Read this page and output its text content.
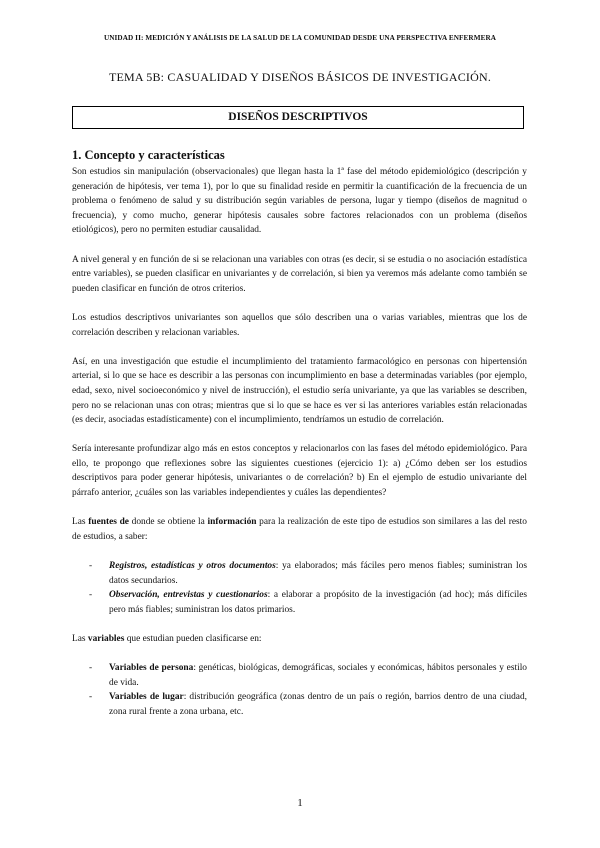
UNIDAD II: MEDICIÓN Y ANÁLISIS DE LA SALUD DE LA COMUNIDAD DESDE UNA PERSPECTIVA ENFERMERA
TEMA 5B: CASUALIDAD Y DISEÑOS BÁSICOS DE INVESTIGACIÓN.
DISEÑOS DESCRIPTIVOS
1. Concepto y características

Son estudios sin manipulación (observacionales) que llegan hasta la 1ª fase del método epidemiológico (descripción y generación de hipótesis, ver tema 1), por lo que su finalidad reside en permitir la cuantificación de la frecuencia de un problema o fenómeno de salud y su distribución según variables de persona, lugar y tiempo (diseños de magnitud o frecuencia), y como mucho, generar hipótesis causales sobre factores relacionados con un problema (diseños etiológicos), pero no permiten estudiar causalidad.

A nivel general y en función de si se relacionan una variables con otras (es decir, si se estudia o no asociación estadística entre variables), se pueden clasificar en univariantes y de correlación, si bien ya veremos más adelante como también se pueden clasificar en función de otros criterios.

Los estudios descriptivos univariantes son aquellos que sólo describen una o varias variables, mientras que los de correlación describen y relacionan variables.

Así, en una investigación que estudie el incumplimiento del tratamiento farmacológico en personas con hipertensión arterial, si lo que se hace es describir a las personas con incumplimiento en base a determinadas variables (por ejemplo, edad, sexo, nivel socioeconómico y nivel de instrucción), el estudio sería univariante, ya que las variables se describen, pero no se relacionan unas con otras; mientras que si lo que se hace es ver si las anteriores variables están relacionadas (es decir, asociadas estadísticamente) con el incumplimiento, tendríamos un estudio de correlación.

Sería interesante profundizar algo más en estos conceptos y relacionarlos con las fases del método epidemiológico. Para ello, te propongo que reflexiones sobre las siguientes cuestiones (ejercicio 1): a) ¿Cómo deben ser los estudios descriptivos para poder generar hipótesis, univariantes o de correlación? b) En el ejemplo de estudio univariante del párrafo anterior, ¿cuáles son las variables independientes y cuáles las dependientes?

Las fuentes de donde se obtiene la información para la realización de este tipo de estudios son similares a las del resto de estudios, a saber:

- Registros, estadísticas y otros documentos: ya elaborados; más fáciles pero menos fiables; suministran los datos secundarios.
- Observación, entrevistas y cuestionarios: a elaborar a propósito de la investigación (ad hoc); más difíciles pero más fiables; suministran los datos primarios.

Las variables que estudian pueden clasificarse en:

- Variables de persona: genéticas, biológicas, demográficas, sociales y económicas, hábitos personales y estilo de vida.
- Variables de lugar: distribución geográfica (zonas dentro de un país o región, barrios dentro de una ciudad, zona rural frente a zona urbana, etc.
1
